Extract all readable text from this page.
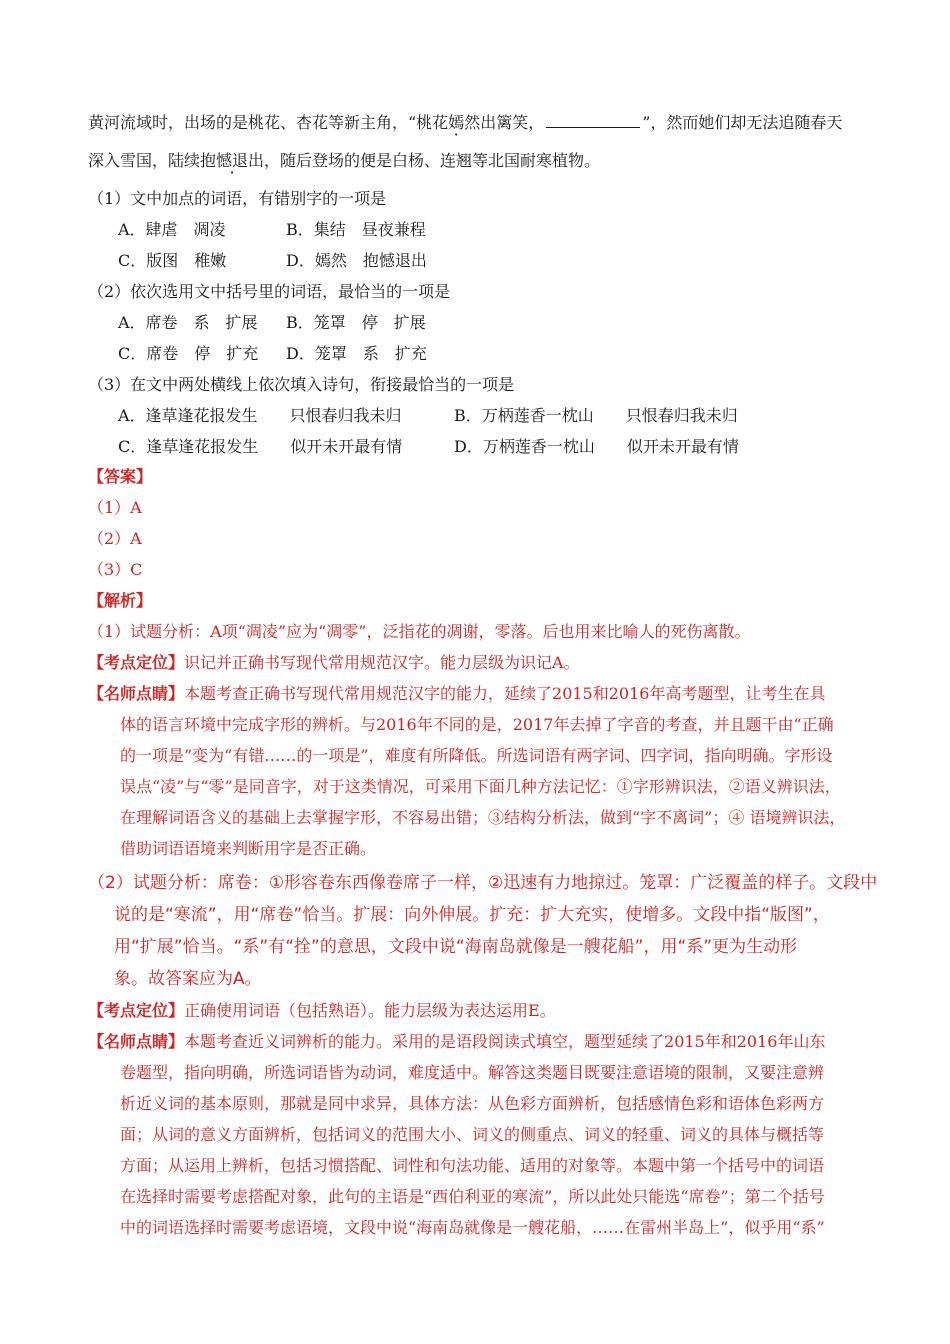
黄河流域时，出场的是桃花、杏花等新主角，“桃花嫣然出篱笑，	”，然而她们却无法追随春天
深入雪国，陆续抱憾退出，随后登场的便是白杨、连翘等北国耐寒植物。
（1）文中加点的词语，有错别字的一项是
A．肆虐　凋凌	B．集结　昼夜兼程
C．版图　稚嫩	D．嫣然　抱憾退出
（2）依次选用文中括号里的词语，最恰当的一项是
A．席卷　系　扩展 B．笼罩　停　扩展
C．席卷　停　扩充 D．笼罩　系　扩充
（3）在文中两处横线上依次填入诗句，衔接最恰当的一项是
A．逢草逢花报发生　　只恨春归我未归	B．万柄莲香一枕山　　只恨春归我未归
C．逢草逢花报发生　　似开未开最有情	D．万柄莲香一枕山　　似开未开最有情
【答案】
（1）A
（2）A
（3）C
【解析】
（1）试题分析：A项“凋凌”应为“凋零”，泛指花的凋谢，零落。后也用来比喻人的死伤离散。
【考点定位】识记并正确书写现代常用规范汉字。能力层级为识记A。
【名师点睛】本题考查正确书写现代常用规范汉字的能力，延续了2015和2016年高考题型，让考生在具
体的语言环境中完成字形的辨析。与2016年不同的是，2017年去掉了字音的考查，并且题干由“正确
的一项是”变为“有错……的一项是”，难度有所降低。所选词语有两字词、四字词，指向明确。字形设
误点“凌”与“零”是同音字，对于这类情况，可采用下面几种方法记忆：①字形辨识法，②语义辨识法，
在理解词语含义的基础上去掌握字形，不容易出错；③结构分析法，做到“字不离词”；④ 语境辨识法，
借助词语语境来判断用字是否正确。
（2）试题分析：席卷：①形容卷东西像卷席子一样，②迅速有力地掠过。笼罩：广泛覆盖的样子。文段中
说的是“寒流”，用“席卷”恰当。扩展：向外伸展。扩充：扩大充实，使增多。文段中指“版图”，
用“扩展”恰当。“系”有“拴”的意思，文段中说“海南岛就像是一艘花船”，用“系”更为生动形
象。故答案应为A。
【考点定位】正确使用词语（包括熟语）。能力层级为表达运用E。
【名师点睛】本题考查近义词辨析的能力。采用的是语段阅读式填空，题型延续了2015年和2016年山东
卷题型，指向明确，所选词语皆为动词，难度适中。解答这类题目既要注意语境的限制，又要注意辨
析近义词的基本原则，那就是同中求异，具体方法：从色彩方面辨析，包括感情色彩和语体色彩两方
面；从词的意义方面辨析，包括词义的范围大小、词义的侧重点、词义的轻重、词义的具体与概括等
方面；从运用上辨析，包括习惯搭配、词性和句法功能、适用的对象等。本题中第一个括号中的词语
在选择时需要考虑搭配对象，此句的主语是“西伯利亚的寒流”，所以此处只能选“席卷”；第二个括号
中的词语选择时需要考虑语境，文段中说“海南岛就像是一艘花船，……在雷州半岛上”，似乎用“系”
